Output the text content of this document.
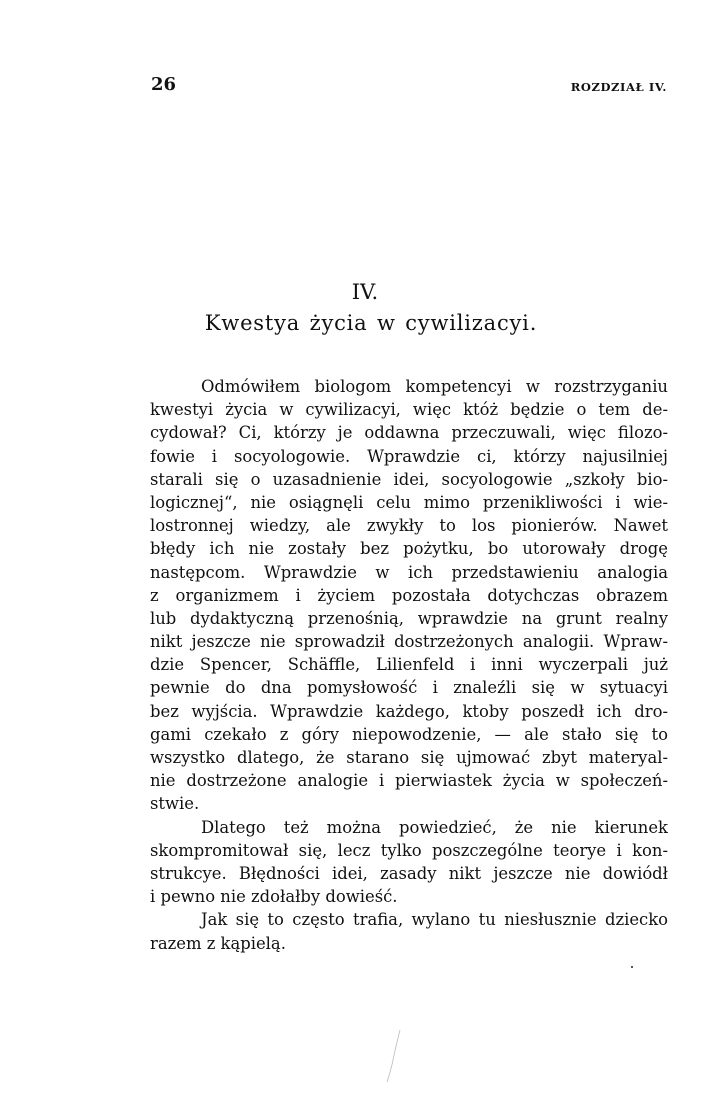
26	ROZDZIAŁ IV.
IV.
Kwestya życia w cywilizacyi.
Odmówiłem biologom kompetencyi w rozstrzyganiu
kwestyi życia w cywilizacyi, więc któż będzie o tem de-
cydował? Ci, którzy je oddawna przeczuwali, więc filozo-
fowie i socyologowie. Wprawdzie ci, którzy najusilniej
starali się o uzasadnienie idei, socyologowie „szkoły bio-
logicznej“, nie osiągnęli celu mimo przenikliwości i wie-
lostronnej wiedzy, ale zwykły to los pionierów. Nawet
błędy ich nie zostały bez pożytku, bo utorowały drogę
następcom. Wprawdzie w ich przedstawieniu analogia
z organizmem i życiem pozostała dotychczas obrazem
lub dydaktyczną przenośnią, wprawdzie na grunt realny
nikt jeszcze nie sprowadził dostrzeżonych analogii. Wpraw-
dzie Spencer, Schäffle, Lilienfeld i inni wyczerpali już
pewnie do dna pomysłowość i znaleźli się w sytuacyi
bez wyjścia. Wprawdzie każdego, ktoby poszedł ich dro-
gami czekało z góry niepowodzenie, — ale stało się to
wszystko dlatego, że starano się ujmować zbyt materyal-
nie dostrzeżone analogie i pierwiastek życia w społeczeń-
stwie.
Dlatego też można powiedzieć, że nie kierunek
skompromitował się, lecz tylko poszczególne teorye i kon-
strukcye. Błędności idei, zasady nikt jeszcze nie dowiódł
i pewno nie zdołałby dowieść.
Jak się to często trafia, wylano tu niesłusznie dziecko
razem z kąpielą.
